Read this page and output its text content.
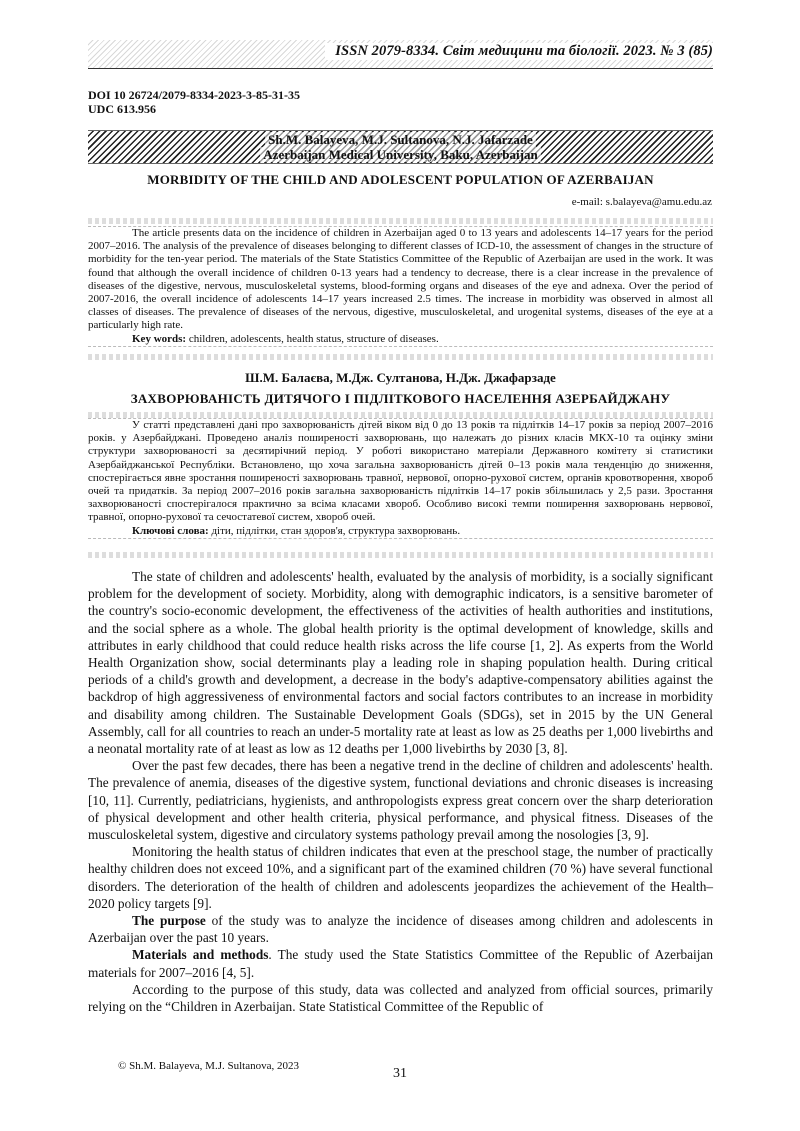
ISSN 2079-8334. Світ медицини та біології. 2023. № 3 (85)
DOI 10 26724/2079-8334-2023-3-85-31-35
UDC 613.956
Sh.M. Balayeva, M.J. Sultanova, N.J. Jafarzade
Azerbaijan Medical University, Baku, Azerbaijan
MORBIDITY OF THE CHILD AND ADOLESCENT POPULATION OF AZERBAIJAN
e-mail: s.balayeva@amu.edu.az

The article presents data on the incidence of children in Azerbaijan aged 0 to 13 years and adolescents 14–17 years for the period 2007–2016. The analysis of the prevalence of diseases belonging to different classes of ICD-10, the assessment of changes in the structure of morbidity for the ten-year period. The materials of the State Statistics Committee of the Republic of Azerbaijan are used in the work. It was found that although the overall incidence of children 0-13 years had a tendency to decrease, there is a clear increase in the prevalence of diseases of the digestive, nervous, musculoskeletal systems, blood-forming organs and diseases of the eye and adnexa. Over the period of 2007-2016, the overall incidence of adolescents 14–17 years increased 2.5 times. The increase in morbidity was observed in almost all classes of diseases. The prevalence of diseases of the nervous, digestive, musculoskeletal, and urogenital systems, diseases of the eye at a particularly high rate.

Key words: children, adolescents, health status, structure of diseases.

Ш.М. Балаєва, М.Дж. Султанова, Н.Дж. Джафарзаде
ЗАХВОРЮВАНІСТЬ ДИТЯЧОГО І ПІДЛІТКОВОГО НАСЕЛЕННЯ АЗЕРБАЙДЖАНУ

У статті представлені дані про захворюваність дітей віком від 0 до 13 років та підлітків 14–17 років за період 2007–2016 років. у Азербайджані. Проведено аналіз поширеності захворювань, що належать до різних класів МКХ-10 та оцінку зміни структури захворюваності за десятирічний період. У роботі використано матеріали Державного комітету зі статистики Азербайджанської Республіки. Встановлено, що хоча загальна захворюваність дітей 0–13 років мала тенденцію до зниження, спостерігається явне зростання поширеності захворювань травної, нервової, опорно-рухової систем, органів кровотворення, хвороб очей та придатків. За період 2007–2016 років загальна захворюваність підлітків 14–17 років збільшилась у 2,5 рази. Зростання захворюваності спостерігалося практично за всіма класами хвороб. Особливо високі темпи поширення захворювань нервової, травної, опорно-рухової та сечостатевої систем, хвороб очей.

Ключові слова: діти, підлітки, стан здоров'я, структура захворювань.

The state of children and adolescents' health, evaluated by the analysis of morbidity, is a socially significant problem for the development of society. Morbidity, along with demographic indicators, is a sensitive barometer of the country's socio-economic development, the effectiveness of the activities of health authorities and institutions, and the social sphere as a whole. The global health priority is the optimal development of knowledge, skills and attributes in early childhood that could reduce health risks across the life course [1, 2]. As experts from the World Health Organization show, social determinants play a leading role in shaping population health. During critical periods of a child's growth and development, a decrease in the body's adaptive-compensatory abilities against the backdrop of high aggressiveness of environmental factors and social factors contributes to an increase in morbidity and disability among children. The Sustainable Development Goals (SDGs), set in 2015 by the UN General Assembly, call for all countries to reach an under-5 mortality rate at least as low as 25 deaths per 1,000 livebirths and a neonatal mortality rate of at least as low as 12 deaths per 1,000 livebirths by 2030 [3, 8].

Over the past few decades, there has been a negative trend in the decline of children and adolescents' health. The prevalence of anemia, diseases of the digestive system, functional deviations and chronic diseases is increasing [10, 11]. Currently, pediatricians, hygienists, and anthropologists express great concern over the sharp deterioration of physical development and other health criteria, physical performance, and physical fitness. Diseases of the musculoskeletal system, digestive and circulatory systems pathology prevail among the nosologies [3, 9].

Monitoring the health status of children indicates that even at the preschool stage, the number of practically healthy children does not exceed 10%, and a significant part of the examined children (70 %) have several functional disorders. The deterioration of the health of children and adolescents jeopardizes the achievement of the Health–2020 policy targets [9].

The purpose of the study was to analyze the incidence of diseases among children and adolescents in Azerbaijan over the past 10 years.

Materials and methods. The study used the State Statistics Committee of the Republic of Azerbaijan materials for 2007–2016 [4, 5].

According to the purpose of this study, data was collected and analyzed from official sources, primarily relying on the “Children in Azerbaijan. State Statistical Committee of the Republic of

© Sh.M. Balayeva, M.J. Sultanova, 2023	31
